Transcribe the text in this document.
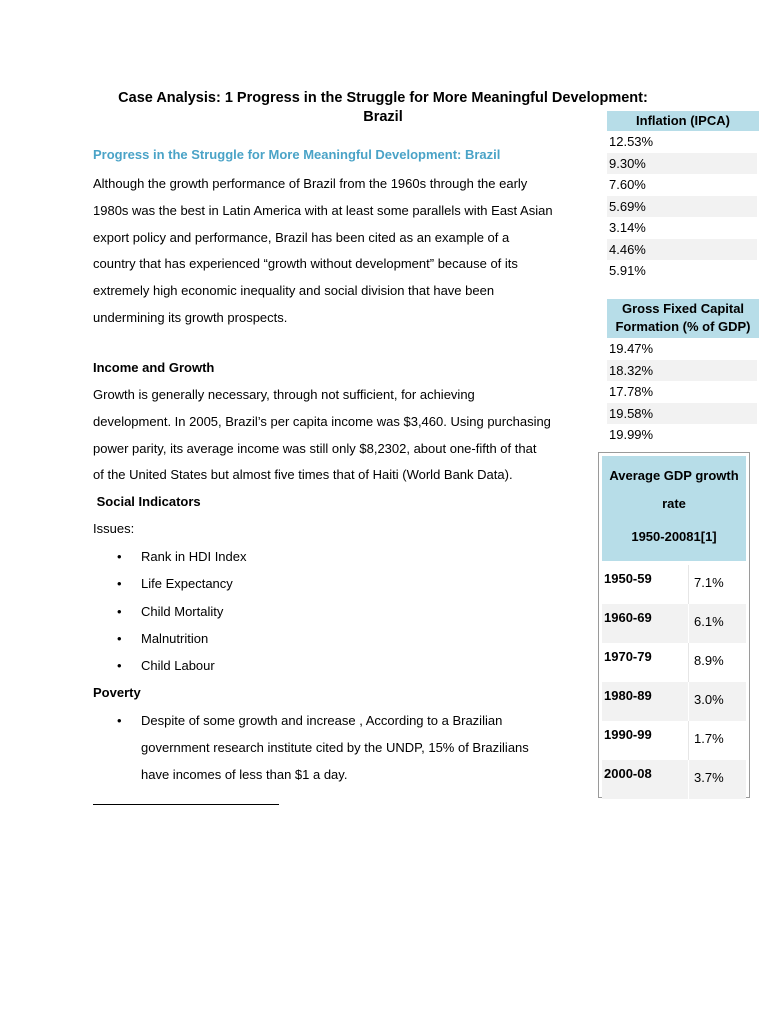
Case Analysis: 1 Progress in the Struggle for More Meaningful Development:
Brazil
Progress in the Struggle for More Meaningful Development: Brazil
Although the growth performance of Brazil from the 1960s through the early
1980s was the best in Latin America with at least some parallels with East Asian
export policy and performance, Brazil has been cited as an example of a
country that has experienced “growth without development” because of its
extremely high economic inequality and social division that have been
undermining its growth prospects.
Income and Growth
Growth is generally necessary, through not sufficient, for achieving
development. In 2005, Brazil’s per capita income was $3,460. Using purchasing
power parity, its average income was still only $8,2302, about one-fifth of that
of the United States but almost five times that of Haiti (World Bank Data).
Social Indicators
Issues:
• Rank in HDI Index
• Life Expectancy
• Child Mortality
• Malnutrition
• Child Labour
Poverty
• Despite of some growth and increase , According to a Brazilian
government research institute cited by the UNDP, 15% of Brazilians
have incomes of less than $1 a day.
Inflation (IPCA)
12.53%
9.30%
7.60%
5.69%
3.14%
4.46%
5.91%
Gross Fixed Capital
Formation (% of GDP)
19.47%
18.32%
17.78%
19.58%
19.99%
Average GDP growth
rate
1950-20081[1]
1950-59	7.1%
1960-69	6.1%
1970-79	8.9%
1980-89	3.0%
1990-99	1.7%
2000-08	3.7%
